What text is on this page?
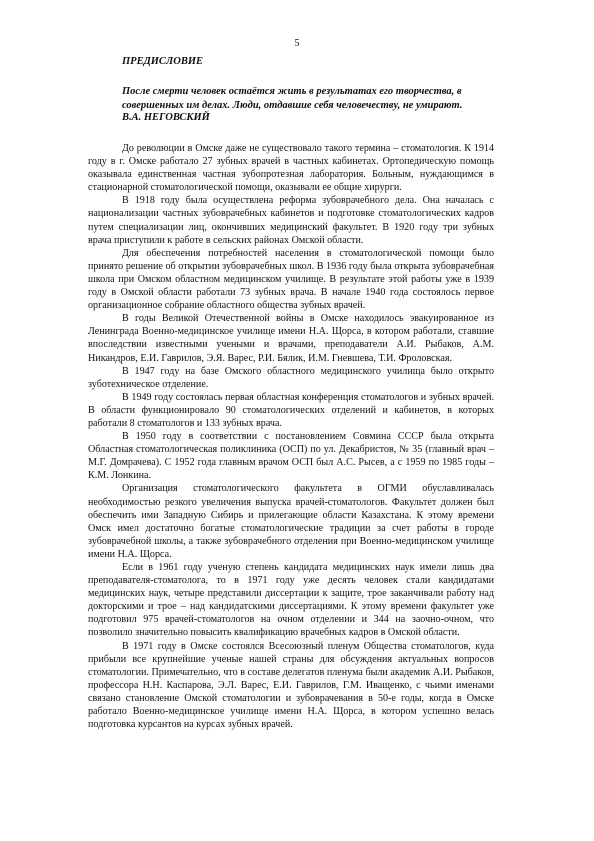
5
ПРЕДИСЛОВИЕ
После смерти человек остаётся жить в результатах его творчества, в совершенных им делах. Люди, отдавшие себя человечеству, не умирают.
В.А. НЕГОВСКИЙ

До революции в Омске даже не существовало такого термина – стоматология. К 1914 году в г. Омске работало 27 зубных врачей в частных кабинетах. Ортопедическую помощь оказывала единственная частная зубопротезная лаборатория. Больным, нуждающимся в стационарной стоматологической помощи, оказывали ее общие хирурги.

В 1918 году была осуществлена реформа зубоврачебного дела. Она началась с национализации частных зубоврачебных кабинетов и подготовке стоматологических кадров путем специализации лиц, окончивших медицинский факультет. В 1920 году три зубных врача приступили к работе в сельских районах Омской области.

Для обеспечения потребностей населения в стоматологической помощи было принято решение об открытии зубоврачебных школ. В 1936 году была открыта зубоврачебная школа при Омском областном медицинском училище. В результате этой работы уже в 1939 году в Омской области работали 73 зубных врача. В начале 1940 года состоялось первое организационное собрание областного общества зубных врачей.

В годы Великой Отечественной войны в Омске находилось эвакуированное из Ленинграда Военно-медицинское училище имени Н.А. Щорса, в котором работали, ставшие впоследствии известными учеными и врачами, преподаватели А.И. Рыбаков, А.М. Никандров, Е.И. Гаврилов, Э.Я. Варес, Р.И. Бялик, И.М. Гневшева, Т.И. Фроловская.

В 1947 году на базе Омского областного медицинского училища было открыто зуботехническое отделение.

В 1949 году состоялась первая областная конференция стоматологов и зубных врачей. В области функционировало 90 стоматологических отделений и кабинетов, в которых работали 8 стоматологов и 133 зубных врача.

В 1950 году в соответствии с постановлением Совмина СССР была открыта Областная стоматологическая поликлиника (ОСП) по ул. Декабристов, № 35 (главный врач – М.Г. Домрачева). С 1952 года главным врачом ОСП был А.С. Рысев, а с 1959 по 1985 годы – К.М. Лонкина.

Организация стоматологического факультета в ОГМИ обуславливалась необходимостью резкого увеличения выпуска врачей-стоматологов. Факультет должен был обеспечить ими Западную Сибирь и прилегающие области Казахстана. К этому времени Омск имел достаточно богатые стоматологические традиции за счет работы в городе зубоврачебной школы, а также зубоврачебного отделения при Военно-медицинском училище имени Н.А. Щорса.

Если в 1961 году ученую степень кандидата медицинских наук имели лишь два преподавателя-стоматолога, то в 1971 году уже десять человек стали кандидатами медицинских наук, четыре представили диссертации к защите, трое заканчивали работу над докторскими и трое – над кандидатскими диссертациями. К этому времени факультет уже подготовил 975 врачей-стоматологов на очном отделении и 344 на заочно-очном, что позволило значительно повысить квалификацию врачебных кадров в Омской области.

В 1971 году в Омске состоялся Всесоюзный пленум Общества стоматологов, куда прибыли все крупнейшие ученые нашей страны для обсуждения актуальных вопросов стоматологии. Примечательно, что в составе делегатов пленума были академик А.И. Рыбаков, профессора Н.Н. Каспарова, Э.Л. Варес, Е.И. Гаврилов, Г.М. Иващенко, с чьими именами связано становление Омской стоматологии и зубоврачевания в 50-е годы, когда в Омске работало Военно-медицинское училище имени Н.А. Щорса, в котором успешно велась подготовка курсантов на курсах зубных врачей.
